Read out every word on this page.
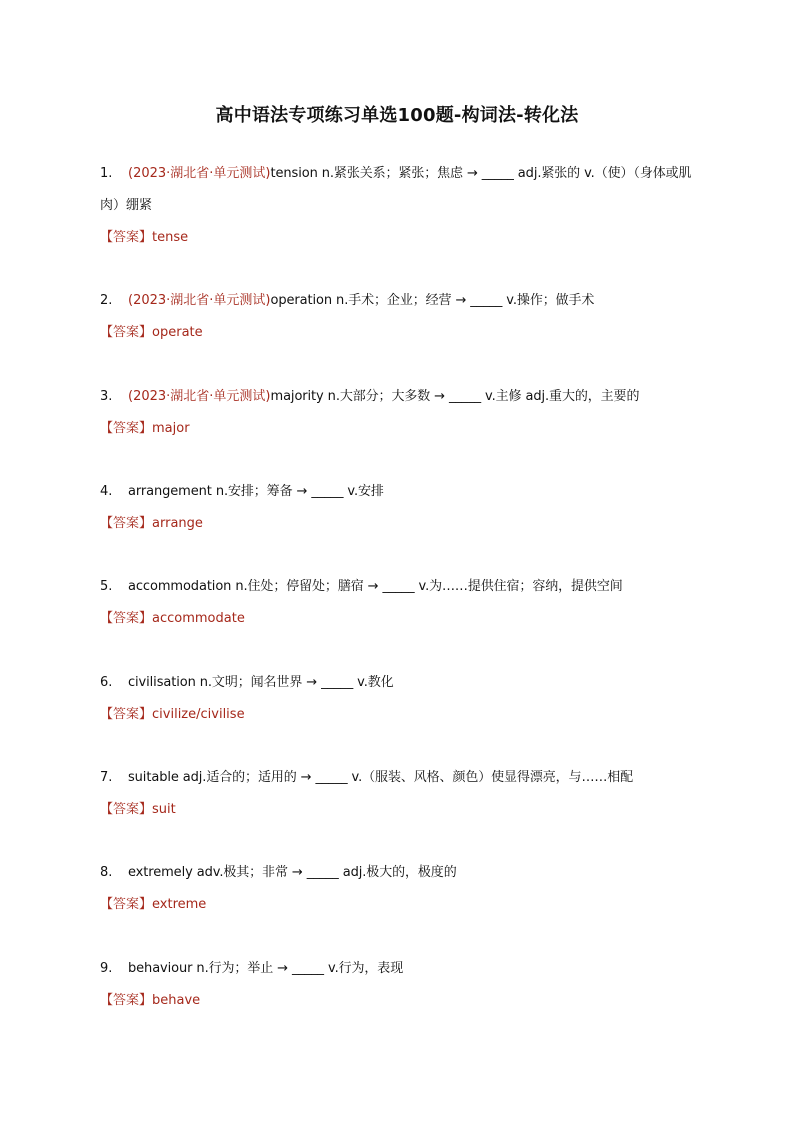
高中语法专项练习单选100题-构词法-转化法
1. (2023·湖北省·单元测试)tension n.紧张关系；紧张；焦虑 → _____ adj.紧张的 v.（使）（身体或肌
肉）绷紧
【答案】tense
2. (2023·湖北省·单元测试)operation n.手术；企业；经营 → _____ v.操作；做手术
【答案】operate
3. (2023·湖北省·单元测试)majority n.大部分；大多数 → _____ v.主修 adj.重大的，主要的
【答案】major
4. arrangement n.安排；筹备 → _____ v.安排
【答案】arrange
5. accommodation n.住处；停留处；膳宿 → _____ v.为……提供住宿；容纳，提供空间
【答案】accommodate
6. civilisation n.文明；闻名世界 → _____ v.教化
【答案】civilize/civilise
7. suitable adj.适合的；适用的 → _____ v.（服装、风格、颜色）使显得漂亮，与……相配
【答案】suit
8. extremely adv.极其；非常 → _____ adj.极大的，极度的
【答案】extreme
9. behaviour n.行为；举止 → _____ v.行为，表现
【答案】behave
